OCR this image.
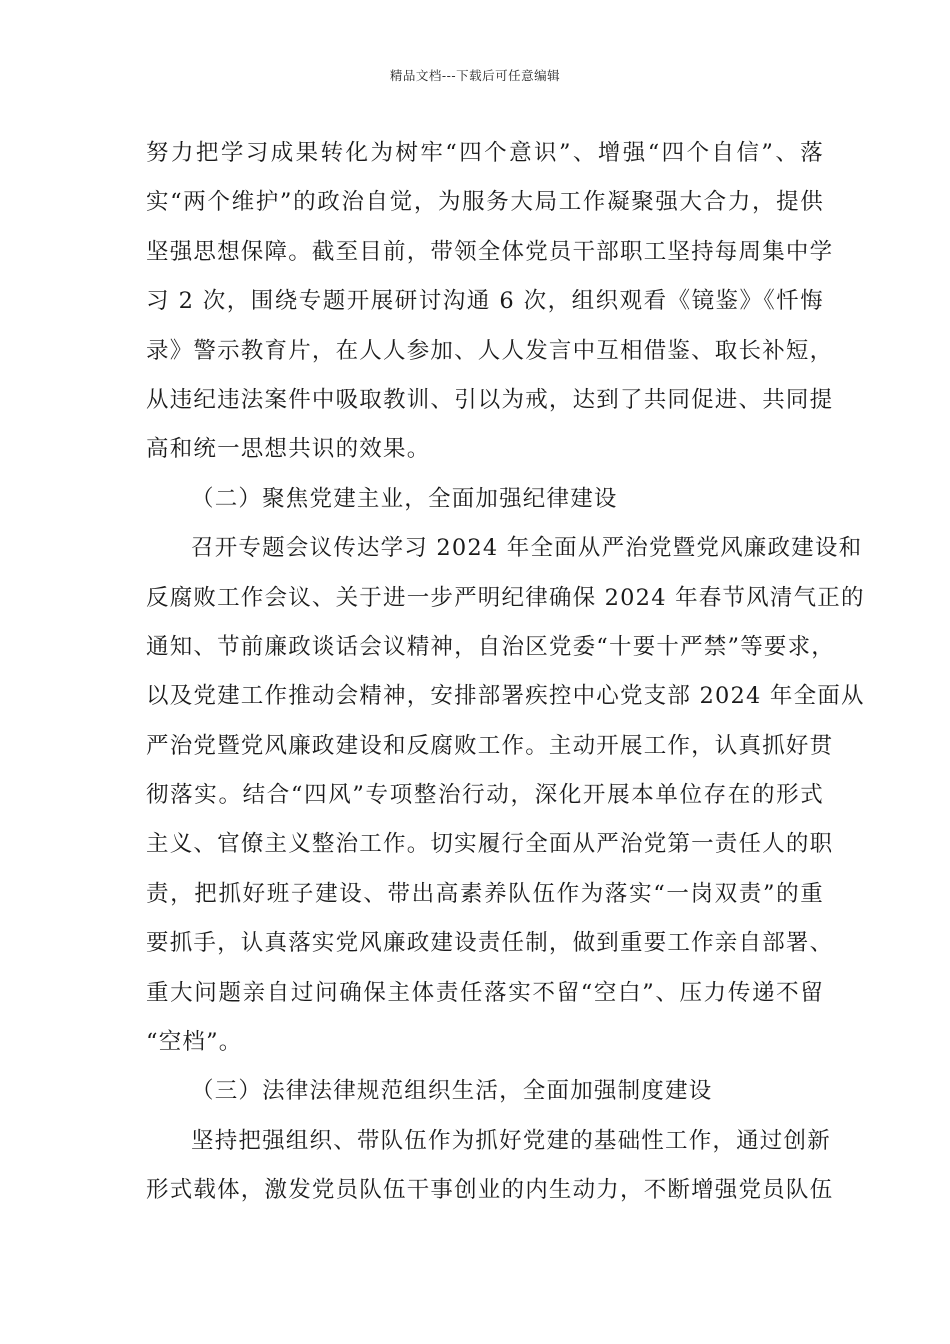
精品文档---下载后可任意编辑
努力把学习成果转化为树牢“四个意识”、增强“四个自信”、落
实“两个维护”的政治自觉，为服务大局工作凝聚强大合力，提供
坚强思想保障。截至目前，带领全体党员干部职工坚持每周集中学
习 2 次，围绕专题开展研讨沟通 6 次，组织观看《镜鉴》《忏悔
录》警示教育片，在人人参加、人人发言中互相借鉴、取长补短，
从违纪违法案件中吸取教训、引以为戒，达到了共同促进、共同提
高和统一思想共识的效果。
（二）聚焦党建主业，全面加强纪律建设
召开专题会议传达学习 2024 年全面从严治党暨党风廉政建设和
反腐败工作会议、关于进一步严明纪律确保 2024 年春节风清气正的
通知、节前廉政谈话会议精神，自治区党委“十要十严禁”等要求，
以及党建工作推动会精神，安排部署疾控中心党支部 2024 年全面从
严治党暨党风廉政建设和反腐败工作。主动开展工作，认真抓好贯
彻落实。结合“四风”专项整治行动，深化开展本单位存在的形式
主义、官僚主义整治工作。切实履行全面从严治党第一责任人的职
责，把抓好班子建设、带出高素养队伍作为落实“一岗双责”的重
要抓手，认真落实党风廉政建设责任制，做到重要工作亲自部署、
重大问题亲自过问确保主体责任落实不留“空白”、压力传递不留
“空档”。
（三）法律法律规范组织生活，全面加强制度建设
坚持把强组织、带队伍作为抓好党建的基础性工作，通过创新
形式载体，激发党员队伍干事创业的内生动力，不断增强党员队伍
